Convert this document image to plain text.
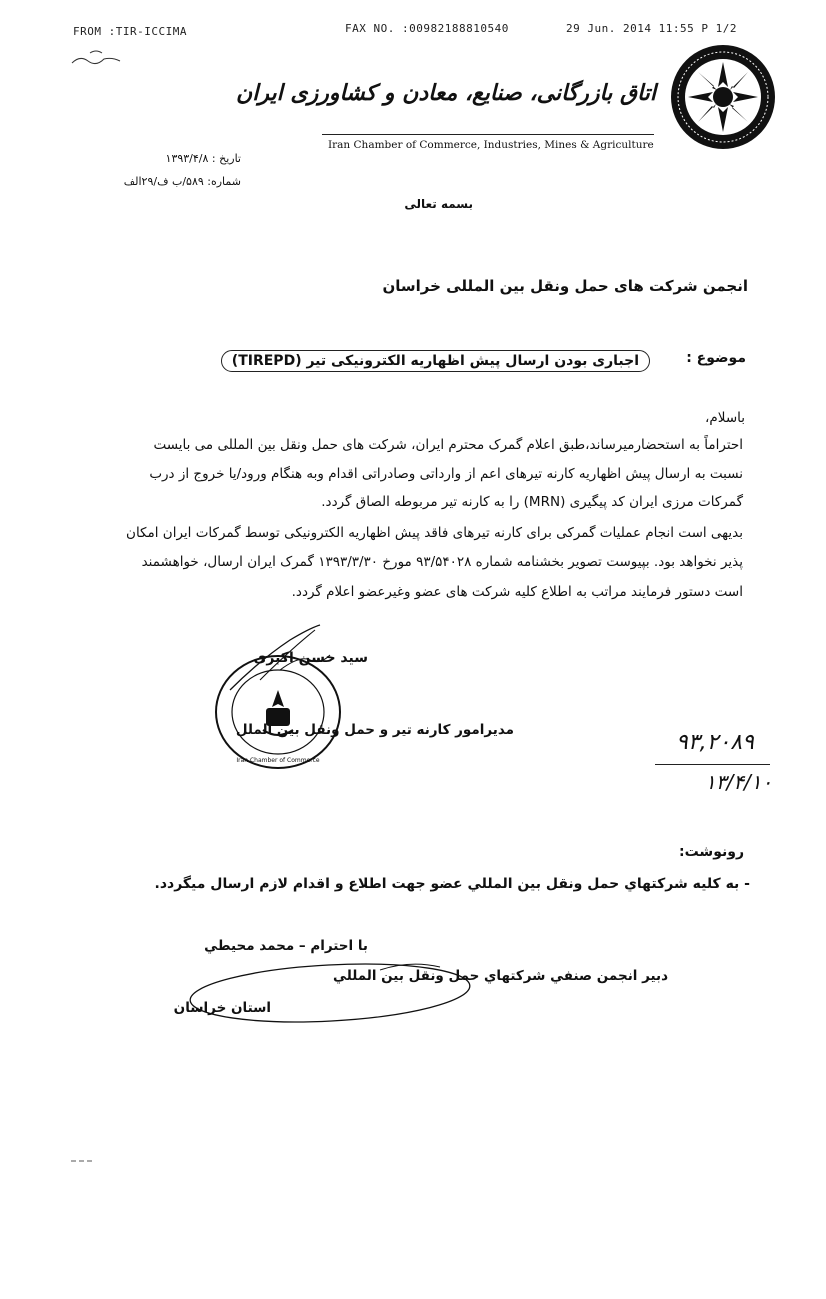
FROM :TIR-ICCIMA	FAX NO. :00982188810540	29 Jun. 2014 11:55 P 1/2
اتاق بازرگانی، صنایع، معادن و کشاورزی ایران
Iran Chamber of Commerce, Industries, Mines & Agriculture
تاریخ : ۱۳۹۳/۴/۸
شماره: ۵۸۹/ب ف/۲۹الف
بسمه تعالی
انجمن شرکت های حمل ونقل بین المللی خراسان
موضوع :
اجباری بودن ارسال پیش اظهاریه الکترونیکی تیر (TIREPD)
باسلام،
احتراماً به استحضارمیرساند،طبق اعلام گمرک محترم ایران، شرکت های حمل ونقل بین المللی می بایست
نسبت به ارسال پیش اظهاریه کارنه تیرهای اعم از وارداتی وصادراتی اقدام وبه هنگام ورود/یا خروج از درب
گمرکات مرزی ایران کد پیگیری (MRN) را به کارنه تیر مربوطه الصاق گردد.
بدیهی است انجام عملیات گمرکی برای کارنه تیرهای فاقد پیش اظهاریه الکترونیکی توسط گمرکات ایران امکان
پذیر نخواهد بود. بپیوست تصویر بخشنامه شماره ۹۳/۵۴۰۲۸ مورخ ۱۳۹۳/۳/۳۰ گمرک ایران ارسال، خواهشمند
است دستور فرمایند مراتب به اطلاع کلیه شرکت های عضو وغیرعضو اعلام گردد.
سید حسن اکبری
Iran Chamber of Commerce
مدیرامور کارنه تیر و حمل ونقل بین الملل	۹۳,۲۰۸۹
۱۳/۴/۱۰
رونوشت:
- به کلیه شرکتهاي حمل ونقل بین المللي عضو جهت اطلاع و اقدام لازم ارسال میگردد.
با احترام – محمد محیطي
دبیر انجمن صنفي شرکتهاي حمل ونقل بین المللي
استان خراسان
